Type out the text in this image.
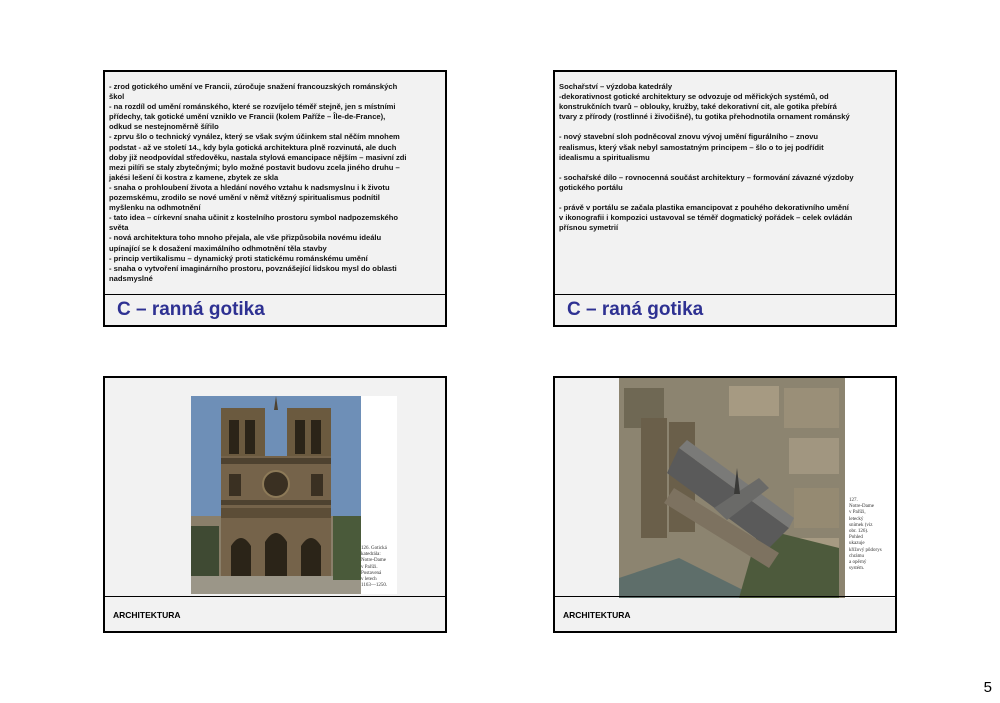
- zrod gotického umění ve Francii, zúročuje snažení francouzských románských
škol
- na rozdíl od umění románského, které se rozvíjelo téměř stejně, jen s místními
přídechy, tak gotické umění vzniklo ve Francii (kolem Paříže – Île-de-France),
odkud se nestejnoměrně šířilo
- zprvu šlo o technický vynález, který se však svým účinkem stal něčím mnohem
podstat - až ve století 14., kdy byla gotická architektura plně rozvinutá, ale duch
doby již neodpovídal středověku, nastala stylová emancipace nějším – masivní zdi
mezi pilíři se staly zbytečnými; bylo možné postavit budovu zcela jiného druhu –
jakési lešení či kostra z kamene, zbytek ze skla
- snaha o prohloubení života a hledání nového vztahu k nadsmyslnu i k životu
pozemskému, zrodilo se nové umění v němž vítězný spiritualismus podnítil
myšlenku na odhmotnění
- tato idea – církevní snaha učinit z kostelního prostoru symbol nadpozemského
světa
- nová architektura toho mnoho přejala, ale vše přizpůsobila novému ideálu
upínající se k dosažení maximálního odhmotnění těla stavby
- princip vertikalismu – dynamický proti statickému románskému umění
- snaha o vytvoření imaginárního prostoru, povznášející lidskou mysl do oblasti
nadsmyslné
C – ranná gotika
Sochařství – výzdoba katedrály
-dekorativnost gotické architektury se odvozuje od měřických systémů, od
konstrukčních tvarů – oblouky, kružby, také dekorativní cit, ale gotika přebírá
tvary z přírody (rostlinné i živočišné), tu gotika přehodnotila ornament románský

- nový stavební sloh podněcoval znovu vývoj umění figurálního – znovu
realismus, který však nebyl samostatným principem – šlo o to jej podřídit
idealismu a spiritualismu

- sochařské dílo – rovnocenná součást architektury – formování závazné výzdoby
gotického portálu

- právě v portálu se začala plastika emancipovat z pouhého dekorativního umění
v ikonografii i kompozici ustavoval se téměř dogmatický pořádek – celek ovládán
přísnou symetrií
C – raná gotika
126. Gotická
katedrála:
Notre-Dame
v Paříži.
Postavená
v letech
1163—1250.
ARCHITEKTURA
127.
Notre-Dame
v Paříži,
letecký
snímek (viz
obr. 126).
Pohled
ukazuje
křížový půdorys
chrámu
a opěrný
systém.
ARCHITEKTURA
5
